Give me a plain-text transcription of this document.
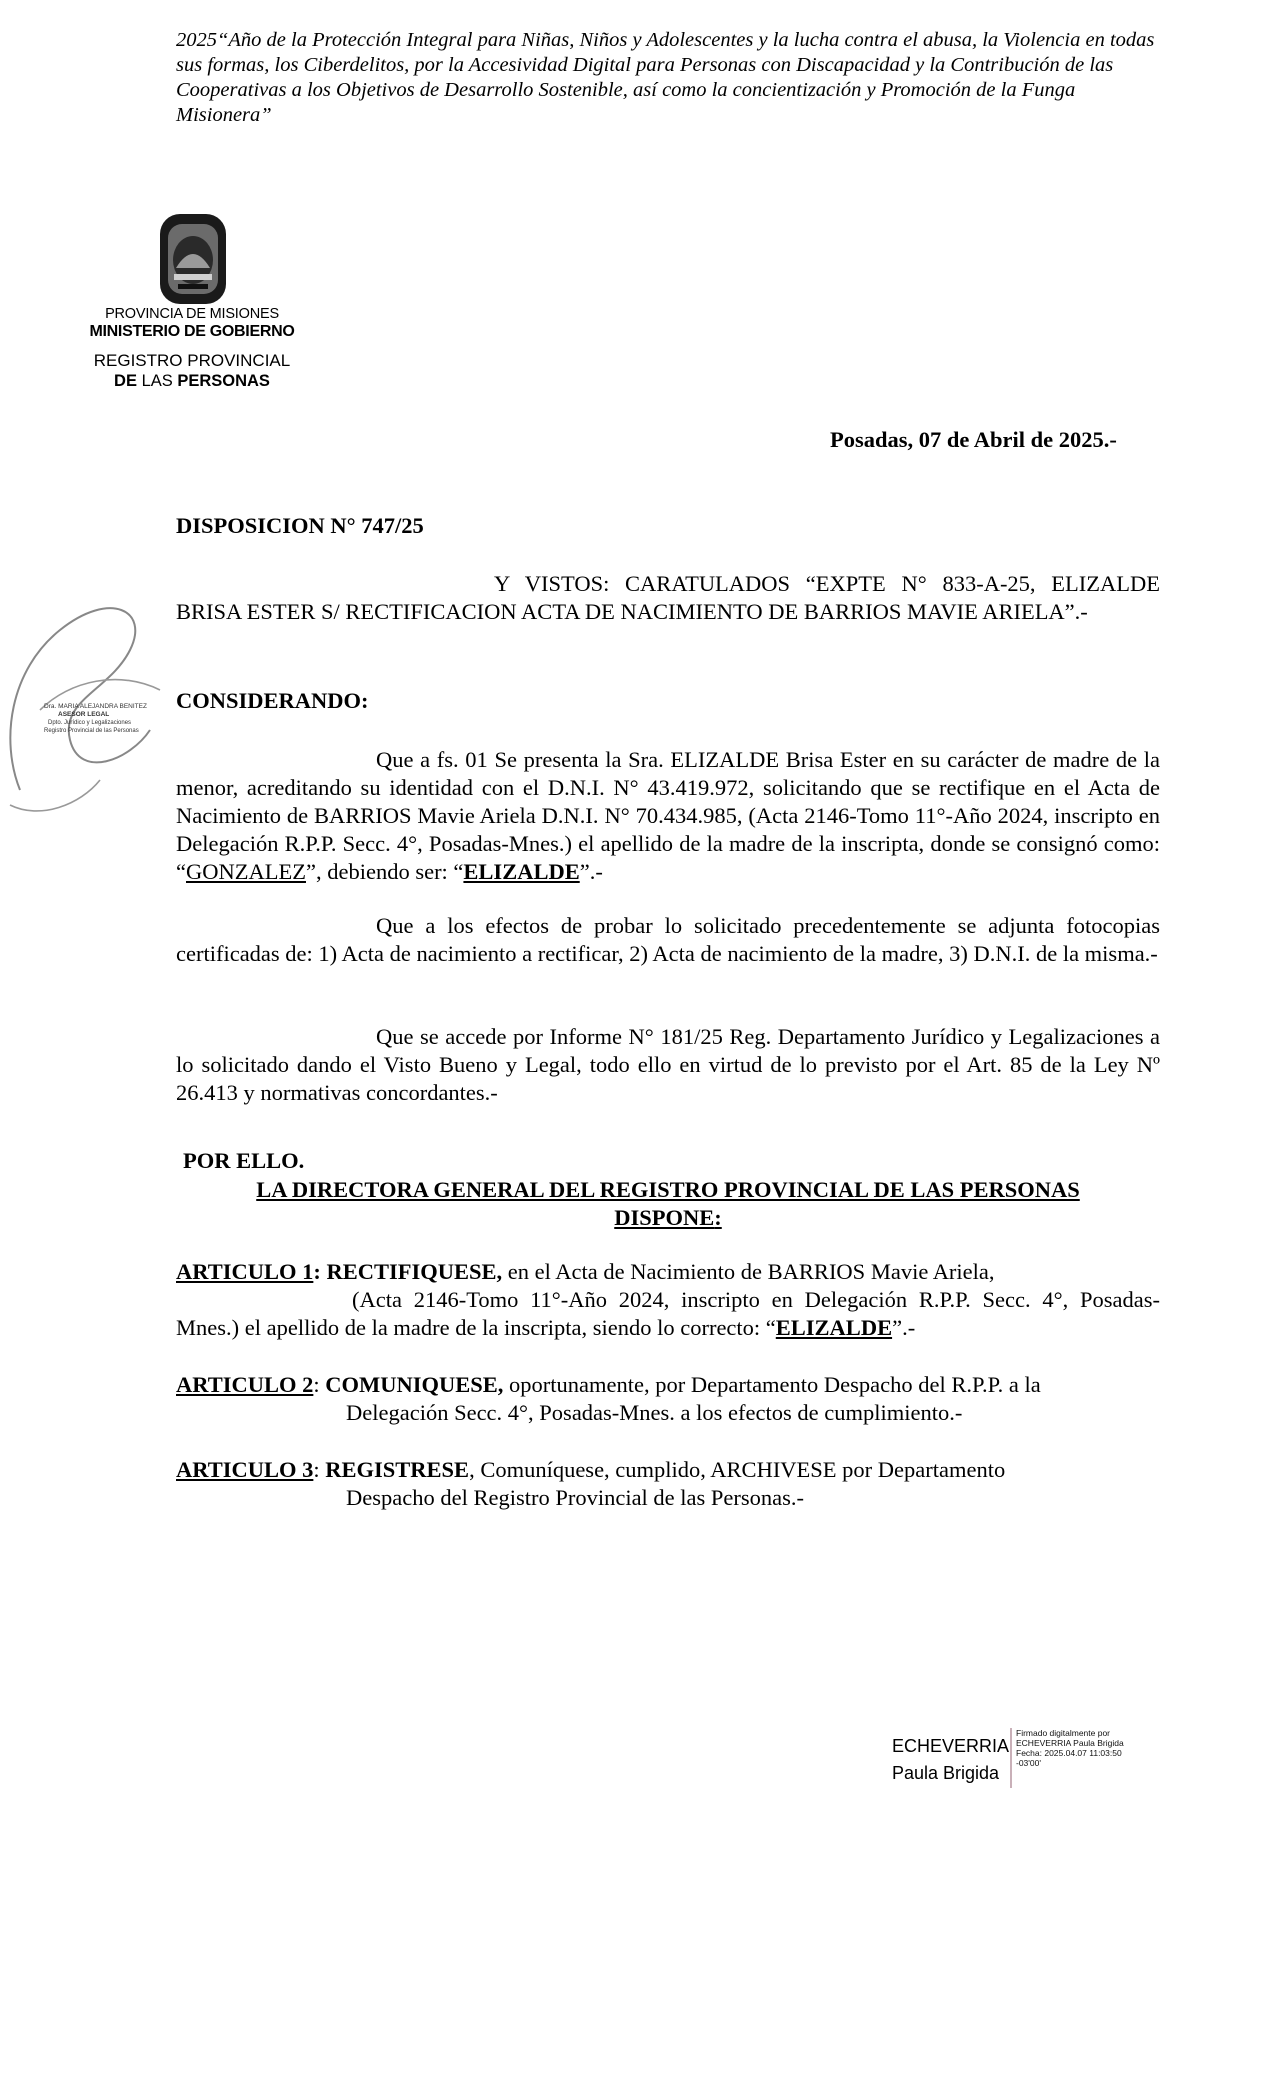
2025“Año de la Protección Integral para Niñas, Niños y Adolescentes y la lucha contra el abusa, la Violencia en todas sus formas, los Ciberdelitos, por la Accesividad Digital para Personas con Discapacidad y la Contribución de las Cooperativas a los Objetivos de Desarrollo Sostenible, así como la concientización y Promoción de la Funga Misionera”
PROVINCIA DE MISIONES
MINISTERIO DE GOBIERNO
REGISTRO PROVINCIAL
DE LAS PERSONAS
Posadas, 07 de Abril de 2025.-
DISPOSICION N° 747/25
Y VISTOS: CARATULADOS “EXPTE N° 833-A-25, ELIZALDE BRISA ESTER S/ RECTIFICACION ACTA DE NACIMIENTO DE BARRIOS MAVIE ARIELA”.-
CONSIDERANDO:
Que a fs. 01 Se presenta la Sra. ELIZALDE Brisa Ester en su carácter de madre de la menor, acreditando su identidad con el D.N.I. N° 43.419.972, solicitando que se rectifique en el Acta de Nacimiento de BARRIOS Mavie Ariela D.N.I. N° 70.434.985, (Acta 2146-Tomo 11°-Año 2024, inscripto en Delegación R.P.P. Secc. 4°, Posadas-Mnes.) el apellido de la madre de la inscripta, donde se consignó como: “GONZALEZ”, debiendo ser: “ELIZALDE”.-
Que a los efectos de probar lo solicitado precedentemente se adjunta fotocopias certificadas de: 1) Acta de nacimiento a rectificar, 2) Acta de nacimiento de la madre, 3) D.N.I. de la misma.-
Que se accede por Informe N° 181/25 Reg. Departamento Jurídico y Legalizaciones a lo solicitado dando el Visto Bueno y Legal, todo ello en virtud de lo previsto por el Art. 85 de la Ley Nº 26.413 y normativas concordantes.-
POR ELLO.
LA DIRECTORA GENERAL DEL REGISTRO PROVINCIAL DE LAS PERSONAS
DISPONE:
ARTICULO 1: RECTIFIQUESE, en el Acta de Nacimiento de BARRIOS Mavie Ariela,
(Acta 2146-Tomo 11°-Año 2024, inscripto en Delegación R.P.P. Secc. 4°, Posadas-Mnes.) el apellido de la madre de la inscripta, siendo lo correcto: “ELIZALDE”.-
ARTICULO 2: COMUNIQUESE, oportunamente, por Departamento Despacho del R.P.P. a la
Delegación Secc. 4°, Posadas-Mnes. a los efectos de cumplimiento.-
ARTICULO 3: REGISTRESE, Comuníquese, cumplido, ARCHIVESE por Departamento
Despacho del Registro Provincial de las Personas.-
Dra. MARIA ALEJANDRA BENITEZ
ASESOR LEGAL
Dpto. Jurídico y Legalizaciones
Registro Provincial de las Personas
ECHEVERRIA
Paula Brigida
Firmado digitalmente por
ECHEVERRIA Paula Brigida
Fecha: 2025.04.07 11:03:50
-03'00'
